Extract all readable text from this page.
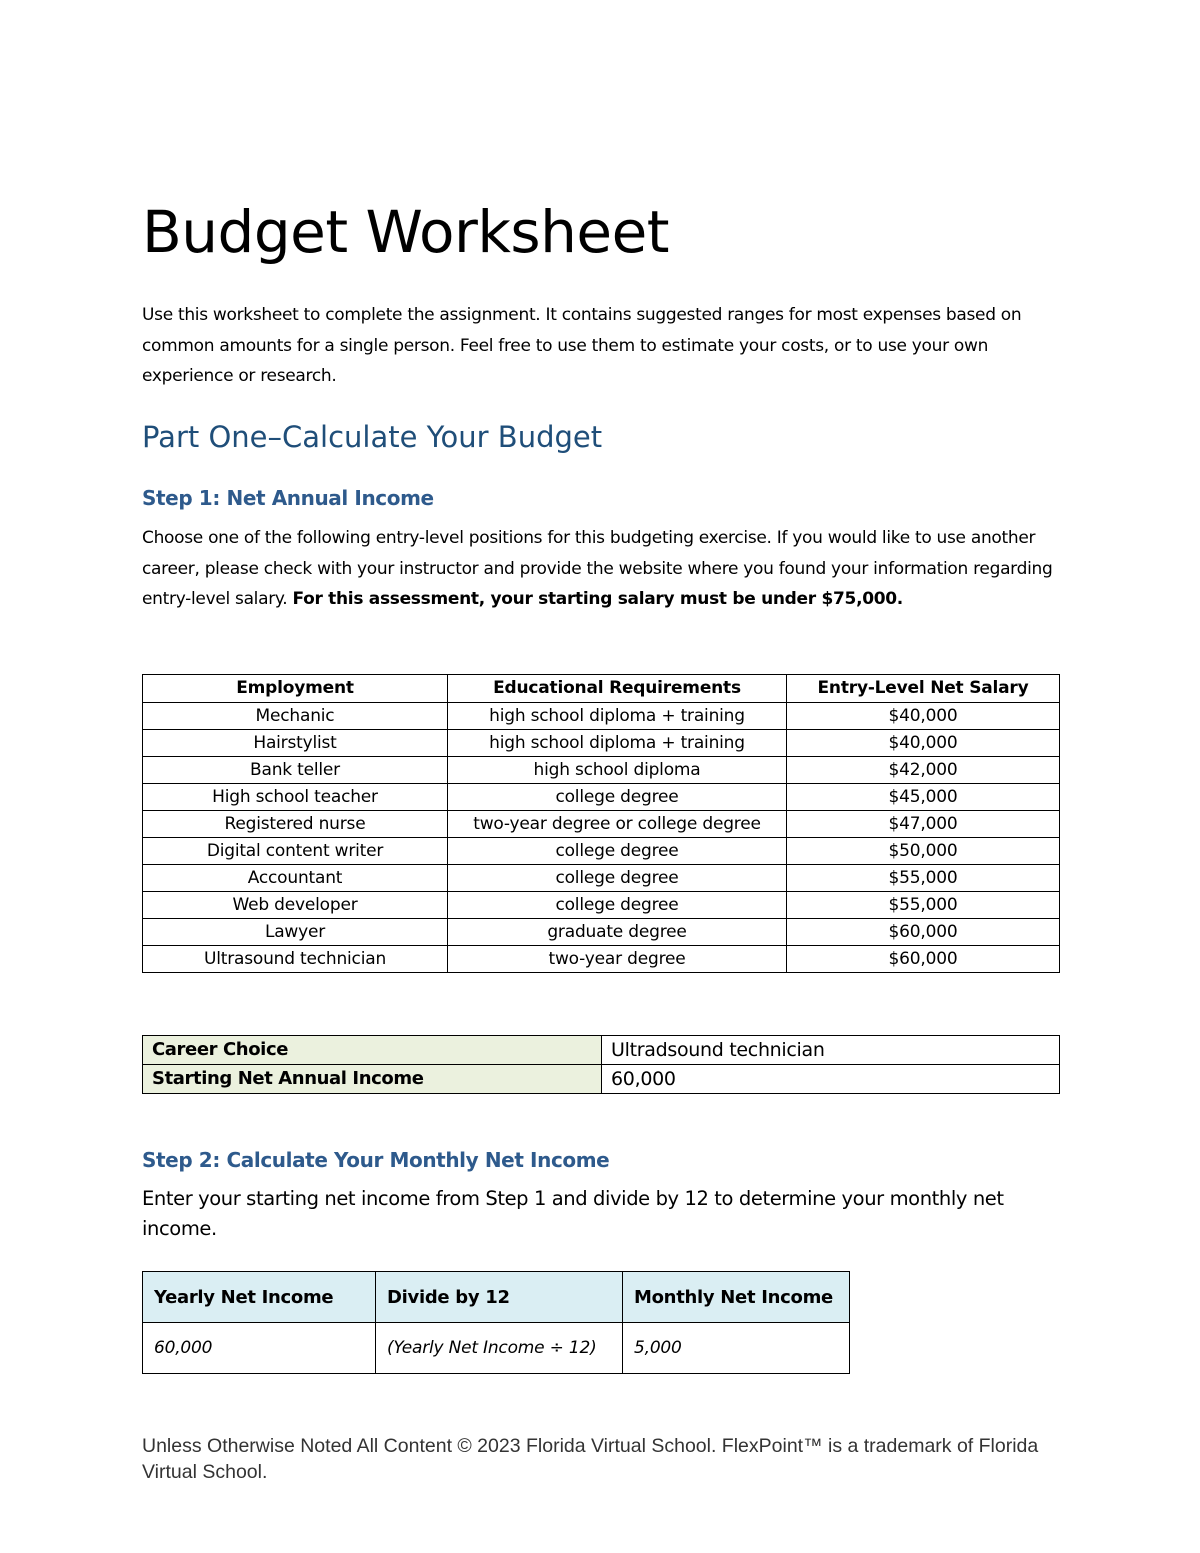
Budget Worksheet

Use this worksheet to complete the assignment. It contains suggested ranges for most expenses based on common amounts for a single person. Feel free to use them to estimate your costs, or to use your own experience or research.

Part One–Calculate Your Budget
Step 1: Net Annual Income

Choose one of the following entry-level positions for this budgeting exercise. If you would like to use another career, please check with your instructor and provide the website where you found your information regarding entry-level salary. For this assessment, your starting salary must be under $75,000.

Employment	Educational Requirements	Entry-Level Net Salary
Mechanic	high school diploma + training	$40,000
Hairstylist	high school diploma + training	$40,000
Bank teller	high school diploma	$42,000
High school teacher	college degree	$45,000
Registered nurse	two-year degree or college degree	$47,000
Digital content writer	college degree	$50,000
Accountant	college degree	$55,000
Web developer	college degree	$55,000
Lawyer	graduate degree	$60,000
Ultrasound technician	two-year degree	$60,000
Career Choice	Ultradsound technician
Starting Net Annual Income	60,000
Step 2: Calculate Your Monthly Net Income

Enter your starting net income from Step 1 and divide by 12 to determine your monthly net income.

Yearly Net Income	Divide by 12	Monthly Net Income
60,000	(Yearly Net Income ÷ 12)	5,000

Unless Otherwise Noted All Content © 2023 Florida Virtual School. FlexPoint™ is a trademark of Florida Virtual School.
